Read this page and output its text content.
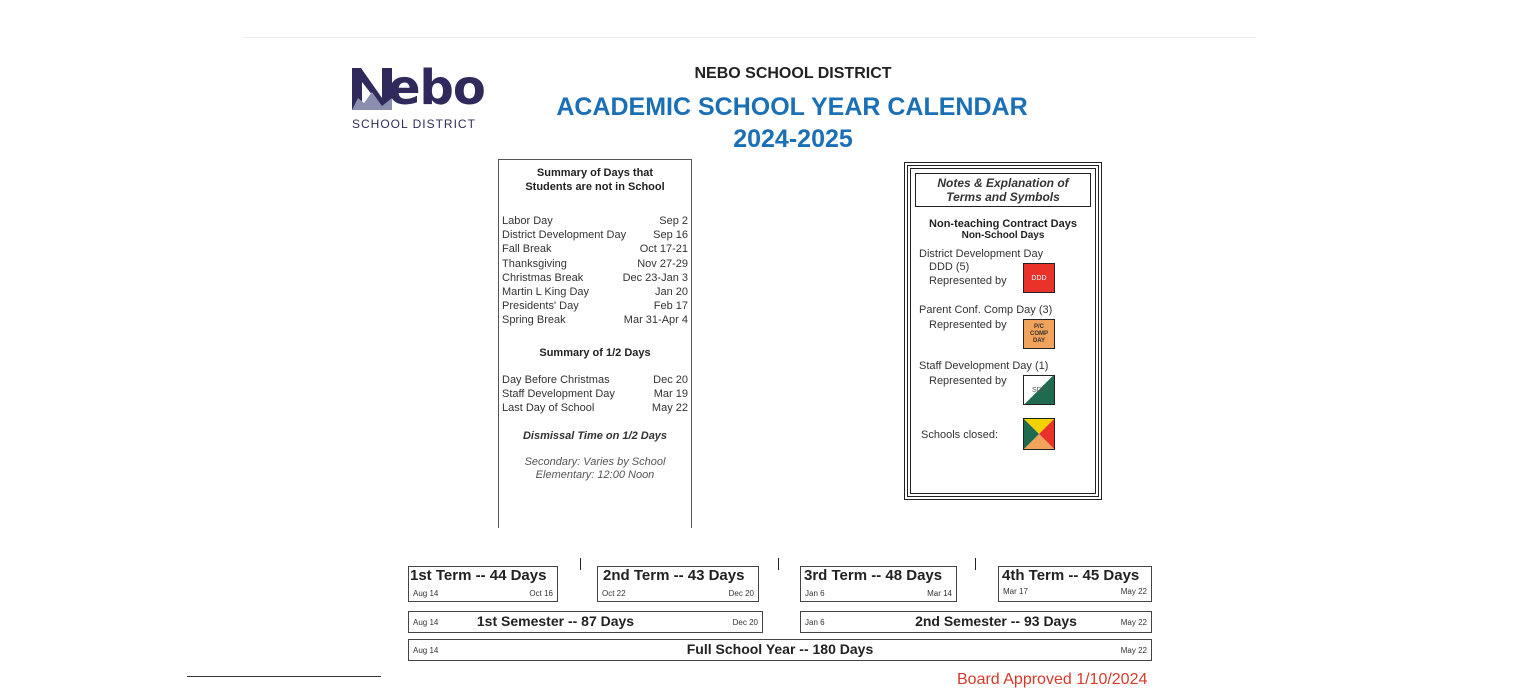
ebo
SCHOOL DISTRICT
NEBO SCHOOL DISTRICT
ACADEMIC SCHOOL YEAR CALENDAR
2024-2025
Summary of Days that
Students are not in School
Labor Day	Sep 2
District Development Day Sep 16
Fall Break	Oct 17-21
Thanksgiving	Nov 27-29
Christmas Break	Dec 23-Jan 3
Martin L King Day	Jan 20
Presidents' Day	Feb 17
Spring Break	Mar 31-Apr 4
Summary of 1/2 Days
Day Before Christmas	Dec 20
Staff Development Day	Mar 19
Last Day of School	May 22
Dismissal Time on 1/2 Days
Secondary: Varies by School
Elementary: 12:00 Noon
Notes & Explanation of
Terms and Symbols
Non-teaching Contract Days
Non-School Days
District Development Day
DDD (5)
Represented by	DDD
Parent Conf. Comp Day (3)
Represented by	P/C
COMP
DAY
Staff Development Day (1)
Represented by
SDT
Schools closed:
1st Term -- 44 Days
Aug 14	Oct 16
2nd Term -- 43 Days
Oct 22	Dec 20
3rd Term -- 48 Days
Jan 6	Mar 14
4th Term -- 45 Days
Mar 17	May 22
Aug 14	1st Semester -- 87 Days	Dec 20	Jan 6	2nd Semester -- 93 Days	May 22
Aug 14	Full School Year -- 180 Days	May 22
Board Approved 1/10/2024
